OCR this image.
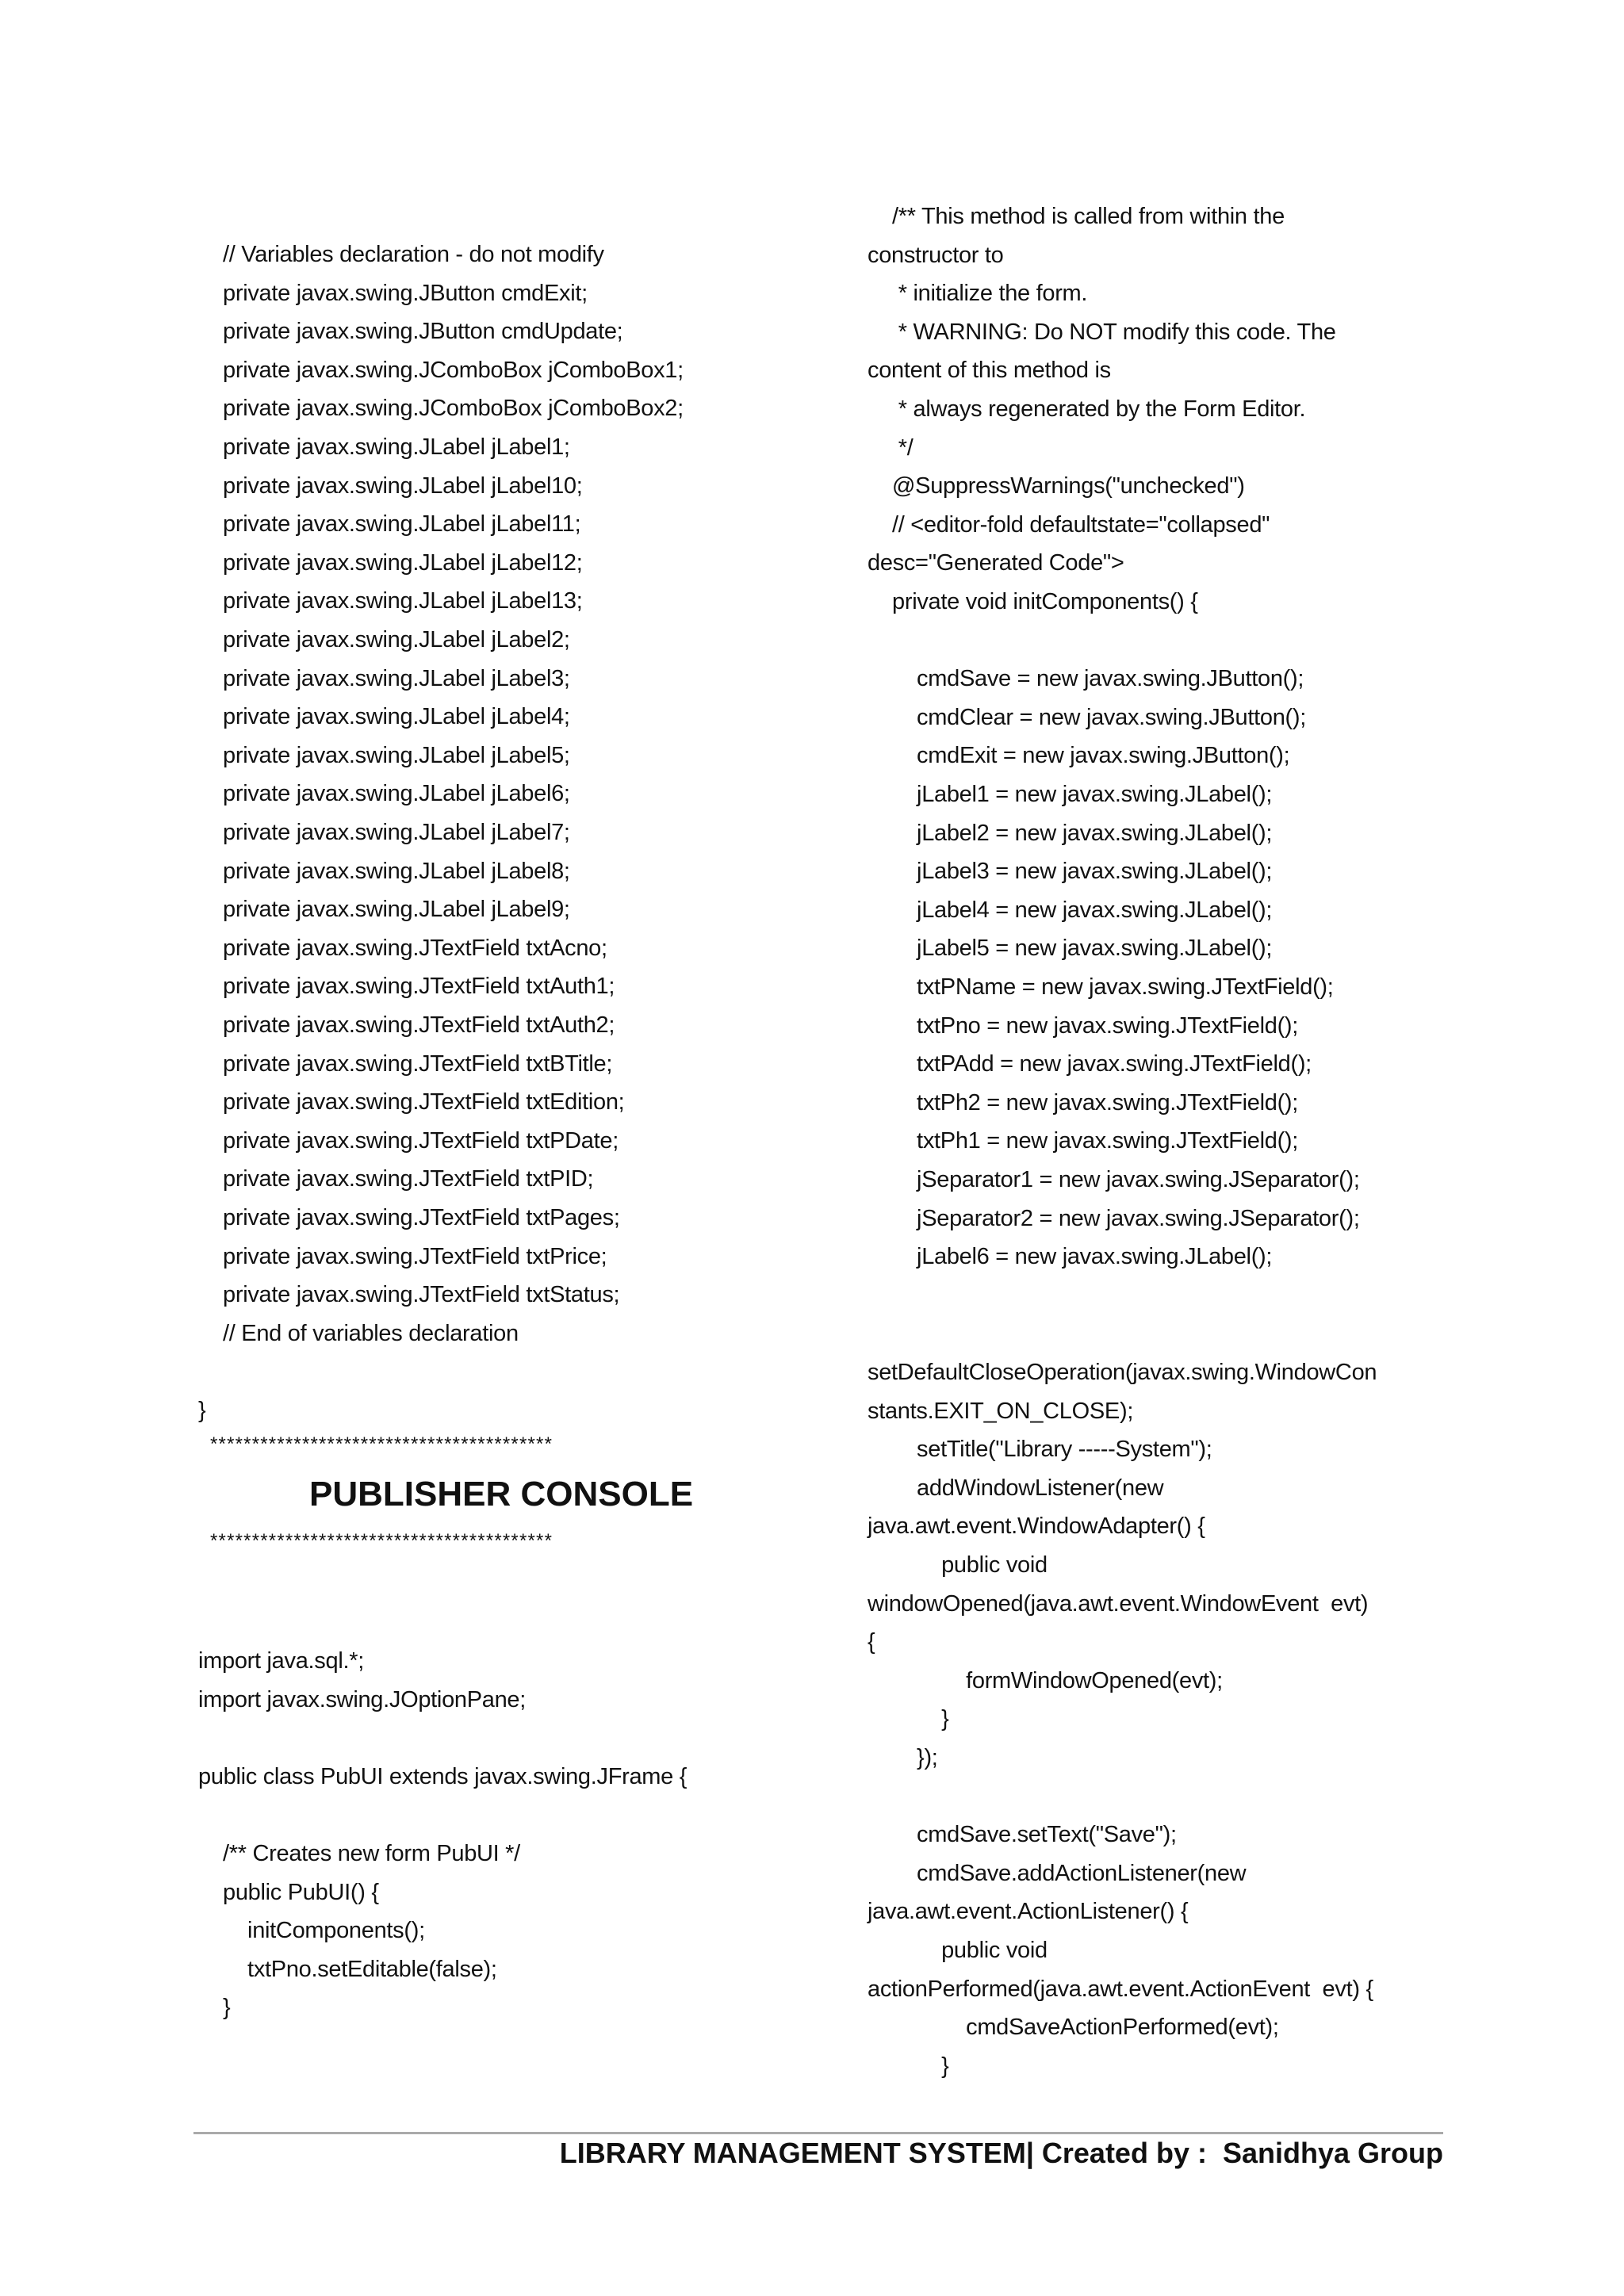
// Variables declaration - do not modify
private javax.swing.JButton cmdExit;
private javax.swing.JButton cmdUpdate;
private javax.swing.JComboBox jComboBox1;
private javax.swing.JComboBox jComboBox2;
private javax.swing.JLabel jLabel1;
private javax.swing.JLabel jLabel10;
private javax.swing.JLabel jLabel11;
private javax.swing.JLabel jLabel12;
private javax.swing.JLabel jLabel13;
private javax.swing.JLabel jLabel2;
private javax.swing.JLabel jLabel3;
private javax.swing.JLabel jLabel4;
private javax.swing.JLabel jLabel5;
private javax.swing.JLabel jLabel6;
private javax.swing.JLabel jLabel7;
private javax.swing.JLabel jLabel8;
private javax.swing.JLabel jLabel9;
private javax.swing.JTextField txtAcno;
private javax.swing.JTextField txtAuth1;
private javax.swing.JTextField txtAuth2;
private javax.swing.JTextField txtBTitle;
private javax.swing.JTextField txtEdition;
private javax.swing.JTextField txtPDate;
private javax.swing.JTextField txtPID;
private javax.swing.JTextField txtPages;
private javax.swing.JTextField txtPrice;
private javax.swing.JTextField txtStatus;
// End of variables declaration
}
import java.sql.*;
import javax.swing.JOptionPane;
public class PubUI extends javax.swing.JFrame {
/** Creates new form PubUI */
public PubUI() {
initComponents();
txtPno.setEditable(false);
}
/** This method is called from within the
constructor to
* initialize the form.
* WARNING: Do NOT modify this code. The
content of this method is
* always regenerated by the Form Editor.
*/
@SuppressWarnings("unchecked")
// <editor-fold defaultstate="collapsed"
desc="Generated Code">
private void initComponents() {
cmdSave = new javax.swing.JButton();
cmdClear = new javax.swing.JButton();
cmdExit = new javax.swing.JButton();
jLabel1 = new javax.swing.JLabel();
jLabel2 = new javax.swing.JLabel();
jLabel3 = new javax.swing.JLabel();
jLabel4 = new javax.swing.JLabel();
jLabel5 = new javax.swing.JLabel();
txtPName = new javax.swing.JTextField();
txtPno = new javax.swing.JTextField();
txtPAdd = new javax.swing.JTextField();
txtPh2 = new javax.swing.JTextField();
txtPh1 = new javax.swing.JTextField();
jSeparator1 = new javax.swing.JSeparator();
jSeparator2 = new javax.swing.JSeparator();
jLabel6 = new javax.swing.JLabel();
setDefaultCloseOperation(javax.swing.WindowCon
stants.EXIT_ON_CLOSE);
setTitle("Library -----System");
addWindowListener(new
java.awt.event.WindowAdapter() {
public void
windowOpened(java.awt.event.WindowEvent  evt)
{
formWindowOpened(evt);
}
});
cmdSave.setText("Save");
cmdSave.addActionListener(new
java.awt.event.ActionListener() {
public void
actionPerformed(java.awt.event.ActionEvent  evt) {
cmdSaveActionPerformed(evt);
}
*****************************************
PUBLISHER CONSOLE
*****************************************
LIBRARY MANAGEMENT SYSTEM| Created by :  Sanidhya Group
